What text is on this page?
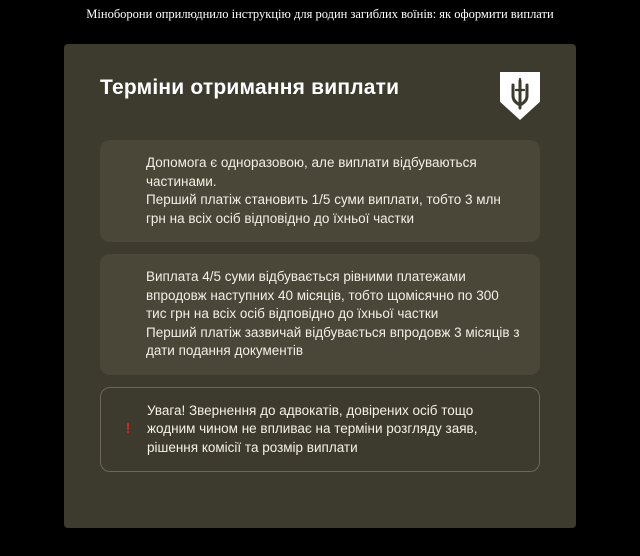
Міноборони оприлюднило інструкцію для родин загиблих воїнів: як оформити виплати
Терміни отримання виплати

Допомога є одноразовою, але виплати відбуваються частинами.
Перший платіж становить 1/5 суми виплати, тобто 3 млн грн на всіх осіб відповідно до їхньої частки

Виплата 4/5 суми відбувається рівними платежами впродовж наступних 40 місяців, тобто щомісячно по 300 тис грн на всіх осіб відповідно до їхньої частки
Перший платіж зазвичай відбувається впродовж 3 місяців з дати подання документів

!

Увага! Звернення до адвокатів, довірених осіб тощо жодним чином не впливає на терміни розгляду заяв, рішення комісії та розмір виплати
